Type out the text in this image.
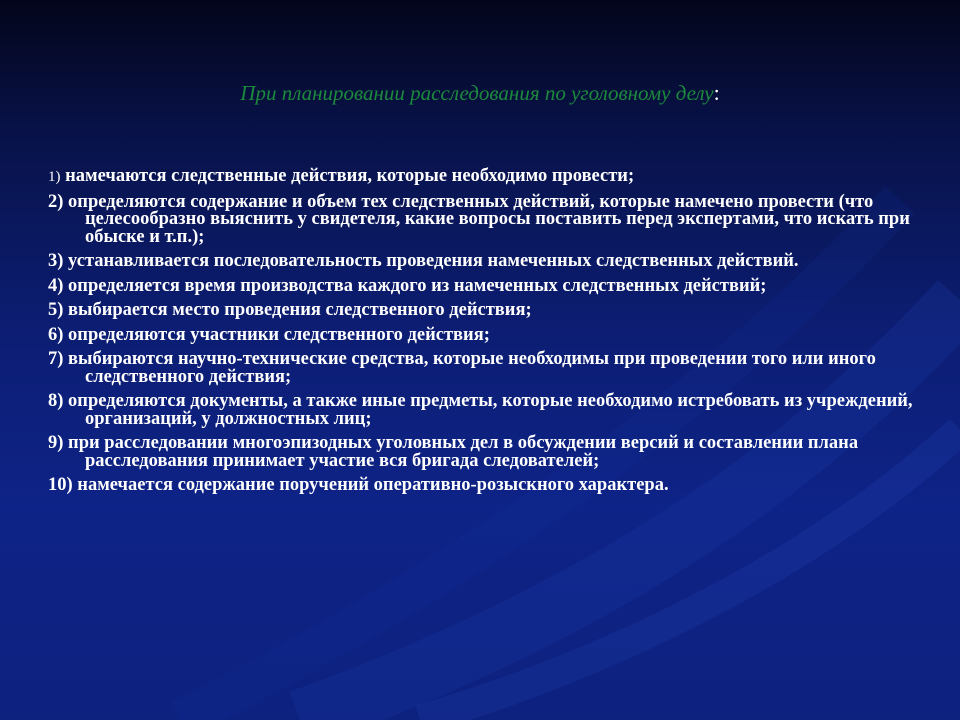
При планировании расследования по уголовному делу:
1) намечаются следственные действия, которые необходимо провести;
2) определяются содержание и объем тех следственных действий, которые намечено провести (что целесообразно выяснить у свидетеля, какие вопросы поставить перед экспертами, что искать при обыске и т.п.);
3) устанавливается последовательность проведения намеченных следственных действий.
4) определяется время производства каждого из намеченных следственных действий;
5) выбирается место проведения следственного действия;
6) определяются участники следственного действия;
7) выбираются научно-технические средства, которые необходимы при проведении того или иного следственного действия;
8) определяются документы, а также иные предметы, которые необходимо истребовать из учреждений, организаций, у должностных лиц;
9) при расследовании многоэпизодных уголовных дел в обсуждении версий и составлении плана расследования принимает участие вся бригада следователей;
10) намечается содержание поручений оперативно-розыскного характера.
